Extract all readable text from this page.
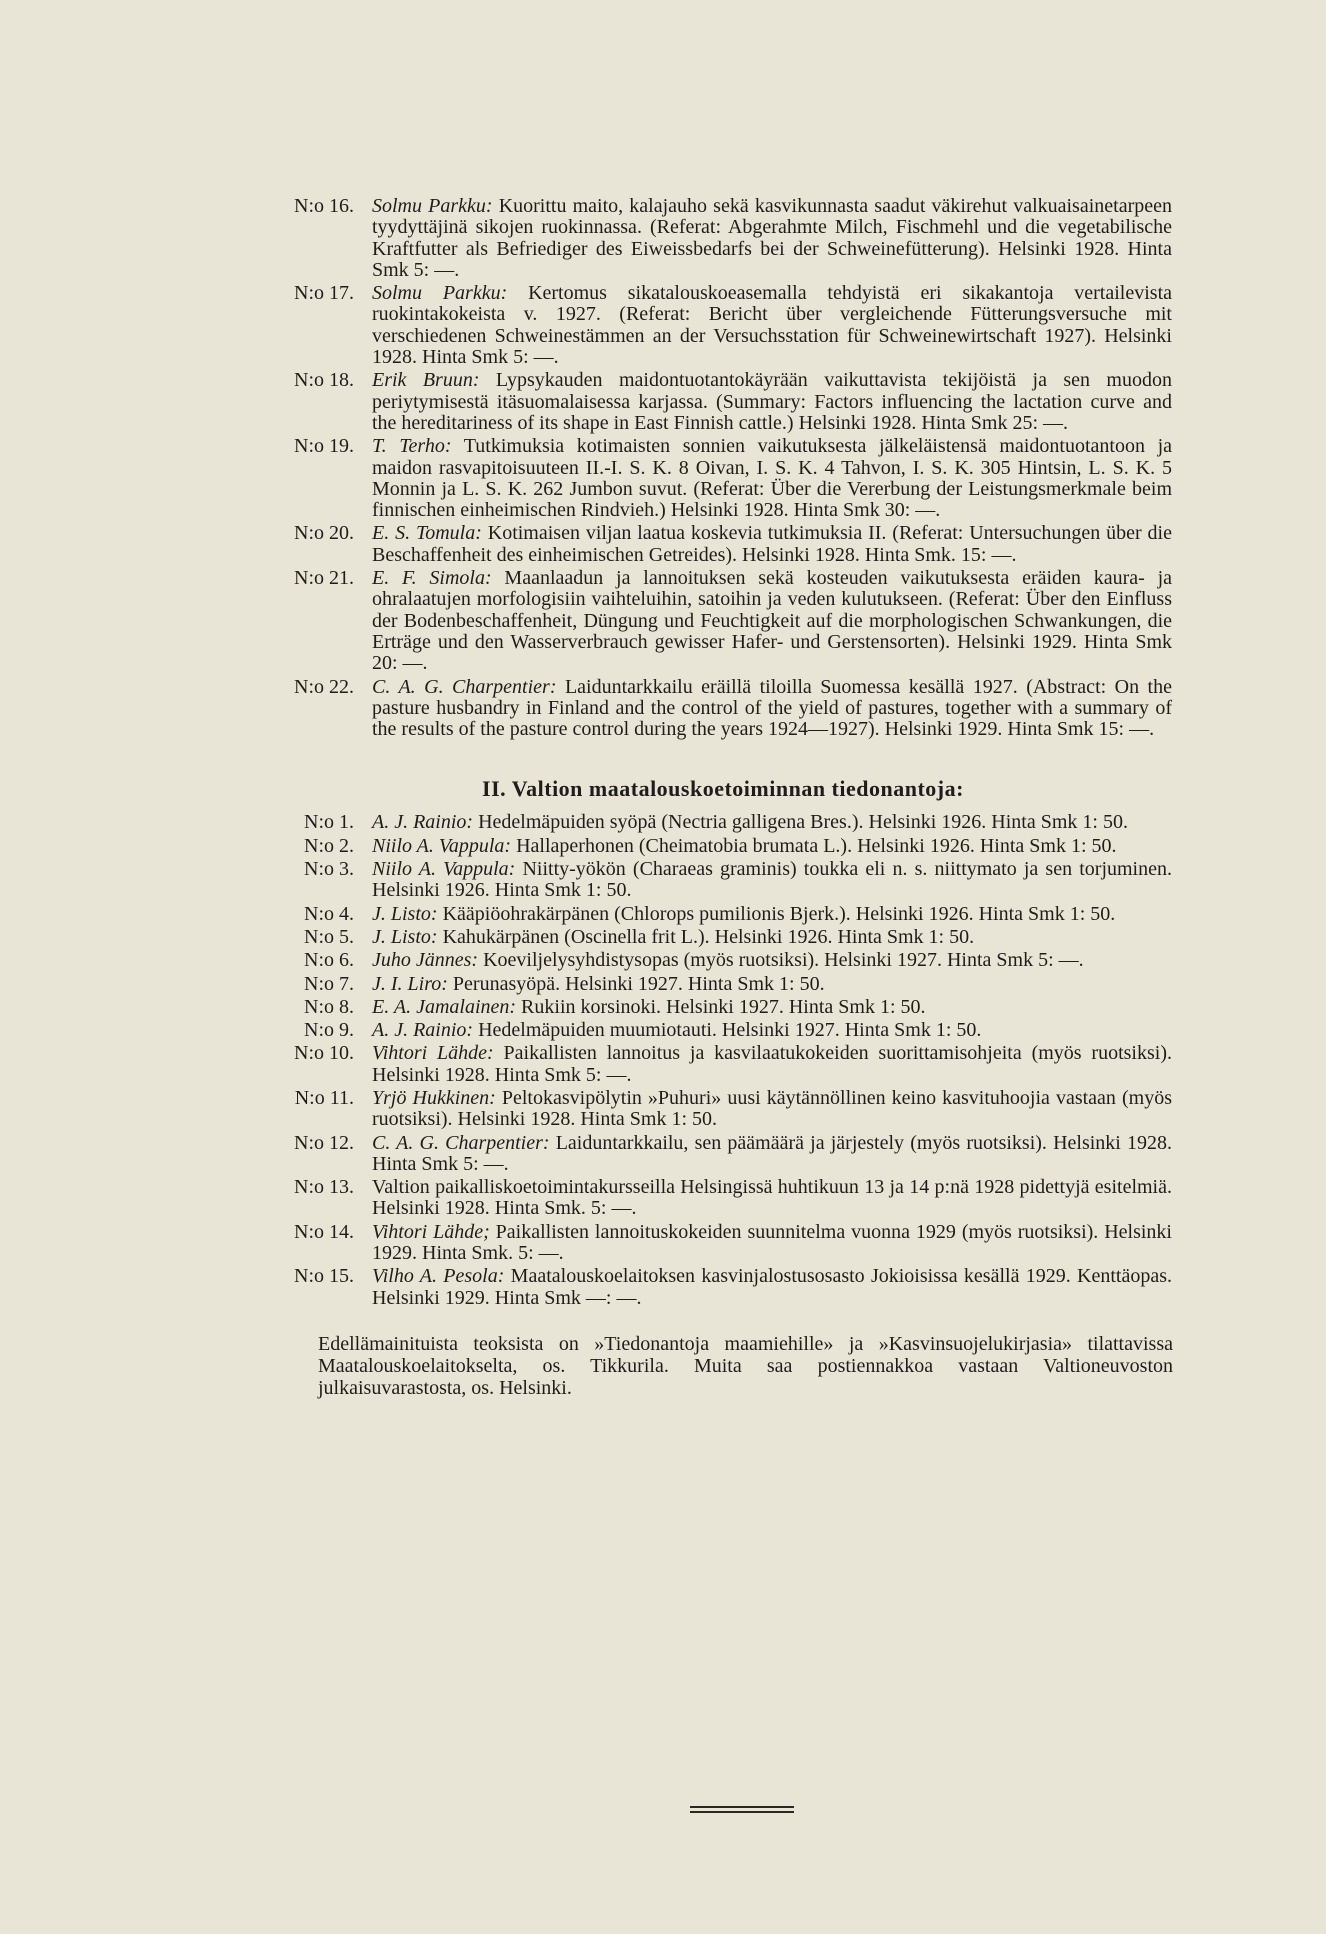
N:o 16. Solmu Parkku: Kuorittu maito, kalajauho sekä kasvikunnasta saadut väkirehut valkuaisainetarpeen tyydyttäjinä sikojen ruokinnassa. (Referat: Abgerahmte Milch, Fischmehl und die vegetabilische Kraftfutter als Befriediger des Eiweissbedarfs bei der Schweinefütterung). Helsinki 1928. Hinta Smk 5: —.
N:o 17. Solmu Parkku: Kertomus sikatalouskoeasemalla tehdyistä eri sikakantoja vertailevista ruokintakokeista v. 1927. (Referat: Bericht über vergleichende Fütterungsversuche mit verschiedenen Schweinestämmen an der Versuchsstation für Schweinewirtschaft 1927). Helsinki 1928. Hinta Smk 5: —.
N:o 18. Erik Bruun: Lypsykauden maidontuotantokäyrään vaikuttavista tekijöistä ja sen muodon periytymisestä itäsuomalaisessa karjassa. (Summary: Factors influencing the lactation curve and the hereditariness of its shape in East Finnish cattle.) Helsinki 1928. Hinta Smk 25: —.
N:o 19. T. Terho: Tutkimuksia kotimaisten sonnien vaikutuksesta jälkeläistensä maidontuotantoon ja maidon rasvapitoisuuteen II.-I. S. K. 8 Oivan, I. S. K. 4 Tahvon, I. S. K. 305 Hintsin, L. S. K. 5 Monnin ja L. S. K. 262 Jumbon suvut. (Referat: Über die Vererbung der Leistungsmerkmale beim finnischen einheimischen Rindvieh.) Helsinki 1928. Hinta Smk 30: —.
N:o 20. E. S. Tomula: Kotimaisen viljan laatua koskevia tutkimuksia II. (Referat: Untersuchungen über die Beschaffenheit des einheimischen Getreides). Helsinki 1928. Hinta Smk. 15: —.
N:o 21. E. F. Simola: Maanlaadun ja lannoituksen sekä kosteuden vaikutuksesta eräiden kaura- ja ohralaatujen morfologisiin vaihteluihin, satoihin ja veden kulutukseen. (Referat: Über den Einfluss der Bodenbeschaffenheit, Düngung und Feuchtigkeit auf die morphologischen Schwankungen, die Erträge und den Wasserverbrauch gewisser Hafer- und Gerstensorten). Helsinki 1929. Hinta Smk 20: —.
N:o 22. C. A. G. Charpentier: Laiduntarkkailu eräillä tiloilla Suomessa kesällä 1927. (Abstract: On the pasture husbandry in Finland and the control of the yield of pastures, together with a summary of the results of the pasture control during the years 1924—1927). Helsinki 1929. Hinta Smk 15: —.
II. Valtion maatalouskoetoiminnan tiedonantoja:
N:o 1. A. J. Rainio: Hedelmäpuiden syöpä (Nectria galligena Bres.). Helsinki 1926. Hinta Smk 1: 50.
N:o 2. Niilo A. Vappula: Hallaperhonen (Cheimatobia brumata L.). Helsinki 1926. Hinta Smk 1: 50.
N:o 3. Niilo A. Vappula: Niitty-yökön (Charaeas graminis) toukka eli n. s. niittymato ja sen torjuminen. Helsinki 1926. Hinta Smk 1: 50.
N:o 4. J. Listo: Kääpiöohrakärpänen (Chlorops pumilionis Bjerk.). Helsinki 1926. Hinta Smk 1: 50.
N:o 5. J. Listo: Kahukärpänen (Oscinella frit L.). Helsinki 1926. Hinta Smk 1: 50.
N:o 6. Juho Jännes: Koeviljelysyhdistysopas (myös ruotsiksi). Helsinki 1927. Hinta Smk 5: —.
N:o 7. J. I. Liro: Perunasyöpä. Helsinki 1927. Hinta Smk 1: 50.
N:o 8. E. A. Jamalainen: Rukiin korsinoki. Helsinki 1927. Hinta Smk 1: 50.
N:o 9. A. J. Rainio: Hedelmäpuiden muumiotauti. Helsinki 1927. Hinta Smk 1: 50.
N:o 10. Vihtori Lähde: Paikallisten lannoitus ja kasvilaatukokeiden suorittamisohjeita (myös ruotsiksi). Helsinki 1928. Hinta Smk 5: —.
N:o 11. Yrjö Hukkinen: Peltokasvipölytin »Puhuri» uusi käytännöllinen keino kasvituhoojia vastaan (myös ruotsiksi). Helsinki 1928. Hinta Smk 1: 50.
N:o 12. C. A. G. Charpentier: Laiduntarkkailu, sen päämäärä ja järjestely (myös ruotsiksi). Helsinki 1928. Hinta Smk 5: —.
N:o 13. Valtion paikalliskoetoimintakursseilla Helsingissä huhtikuun 13 ja 14 p:nä 1928 pidettyjä esitelmiä. Helsinki 1928. Hinta Smk. 5: —.
N:o 14. Vihtori Lähde; Paikallisten lannoituskokeiden suunnitelma vuonna 1929 (myös ruotsiksi). Helsinki 1929. Hinta Smk. 5: —.
N:o 15. Vilho A. Pesola: Maatalouskoelaitoksen kasvinjalostusosasto Jokioisissa kesällä 1929. Kenttäopas. Helsinki 1929. Hinta Smk —: —.
Edellämainituista teoksista on »Tiedonantoja maamiehille» ja »Kasvinsuojelukirjasia» tilattavissa Maatalouskoelaitokselta, os. Tikkurila. Muita saa postiennakkoa vastaan Valtioneuvoston julkaisuvarastosta, os. Helsinki.
